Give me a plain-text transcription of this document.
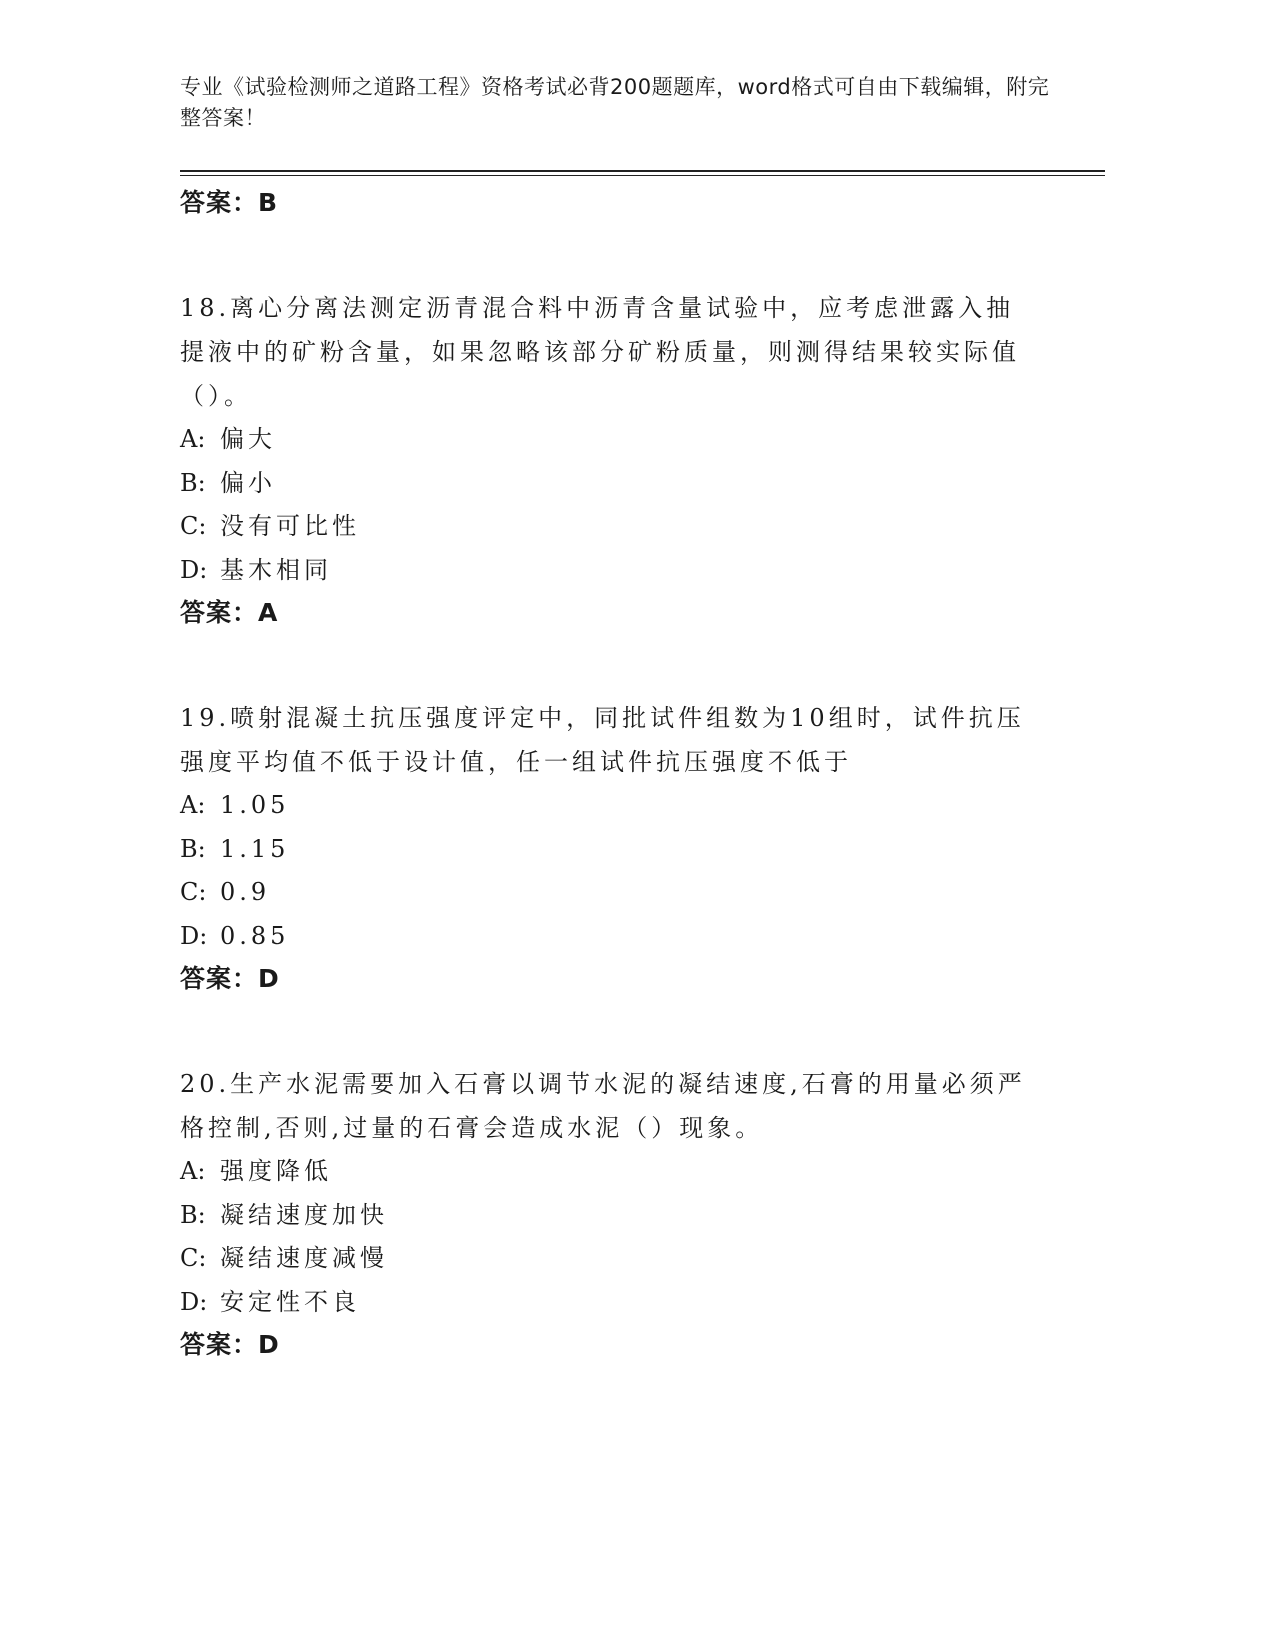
专业《试验检测师之道路工程》资格考试必背200题题库，word格式可自由下载编辑，附完整答案！
答案：B
18.离心分离法测定沥青混合料中沥青含量试验中，应考虑泄露入抽提液中的矿粉含量，如果忽略该部分矿粉质量，则测得结果较实际值（）。
A: 偏大
B: 偏小
C: 没有可比性
D: 基木相同
答案：A
19.喷射混凝土抗压强度评定中，同批试件组数为10组时，试件抗压强度平均值不低于设计值，任一组试件抗压强度不低于
A: 1.05
B: 1.15
C: 0.9
D: 0.85
答案：D
20.生产水泥需要加入石膏以调节水泥的凝结速度,石膏的用量必须严格控制,否则,过量的石膏会造成水泥（）现象。
A: 强度降低
B: 凝结速度加快
C: 凝结速度减慢
D: 安定性不良
答案：D
